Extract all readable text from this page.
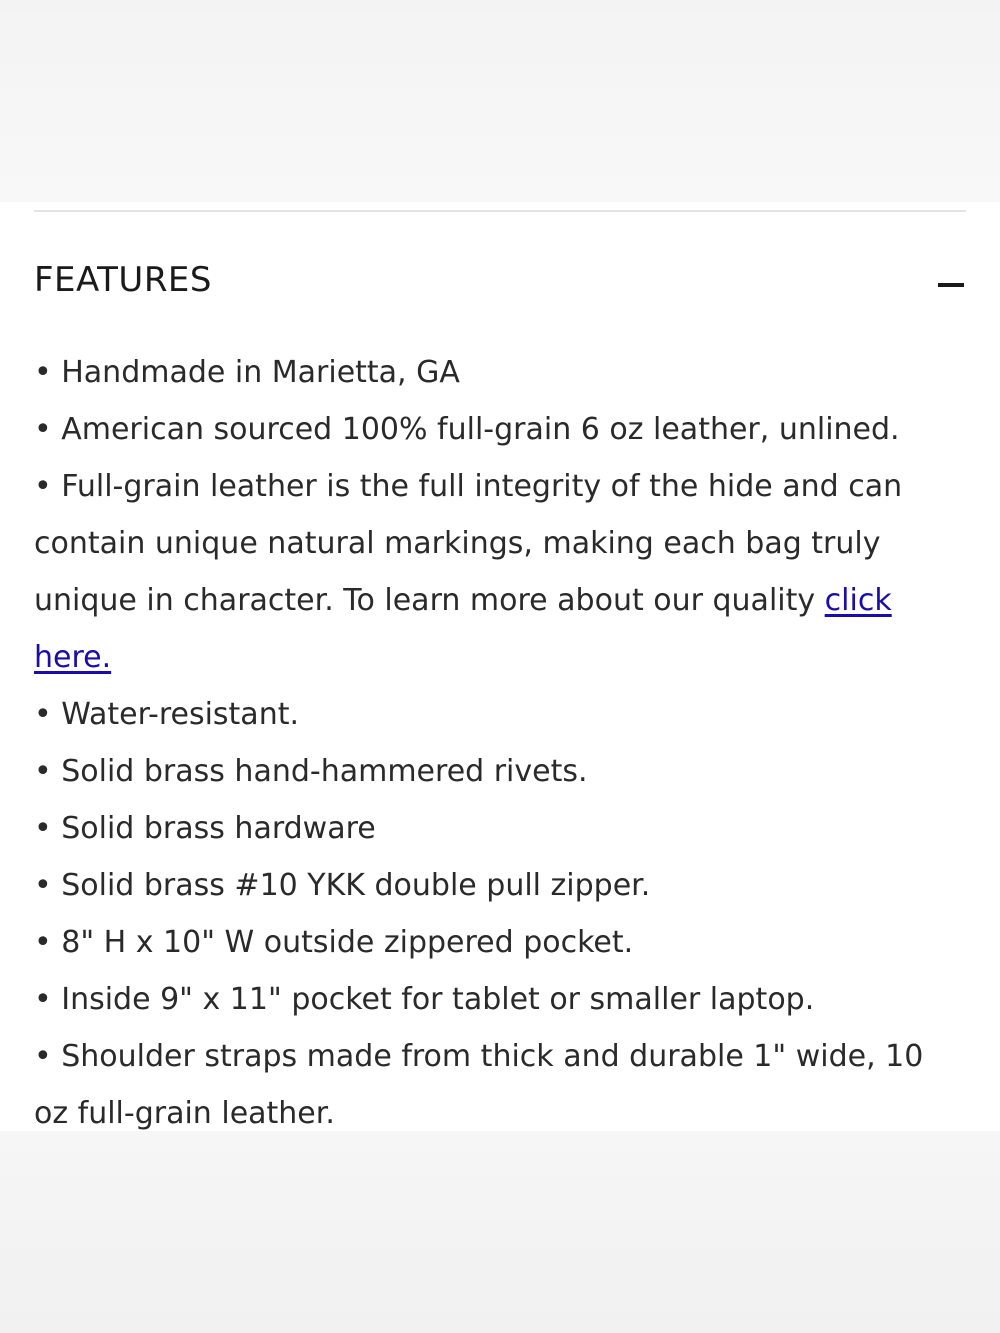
FEATURES
• Handmade in Marietta, GA
• American sourced 100% full-grain 6 oz leather, unlined.
• Full-grain leather is the full integrity of the hide and can contain unique natural markings, making each bag truly unique in character. To learn more about our quality click here.
• Water-resistant.
• Solid brass hand-hammered rivets.
• Solid brass hardware
• Solid brass #10 YKK double pull zipper.
• 8" H x 10" W outside zippered pocket.
• Inside 9" x 11" pocket for tablet or smaller laptop.
• Shoulder straps made from thick and durable 1" wide, 10 oz full-grain leather.
